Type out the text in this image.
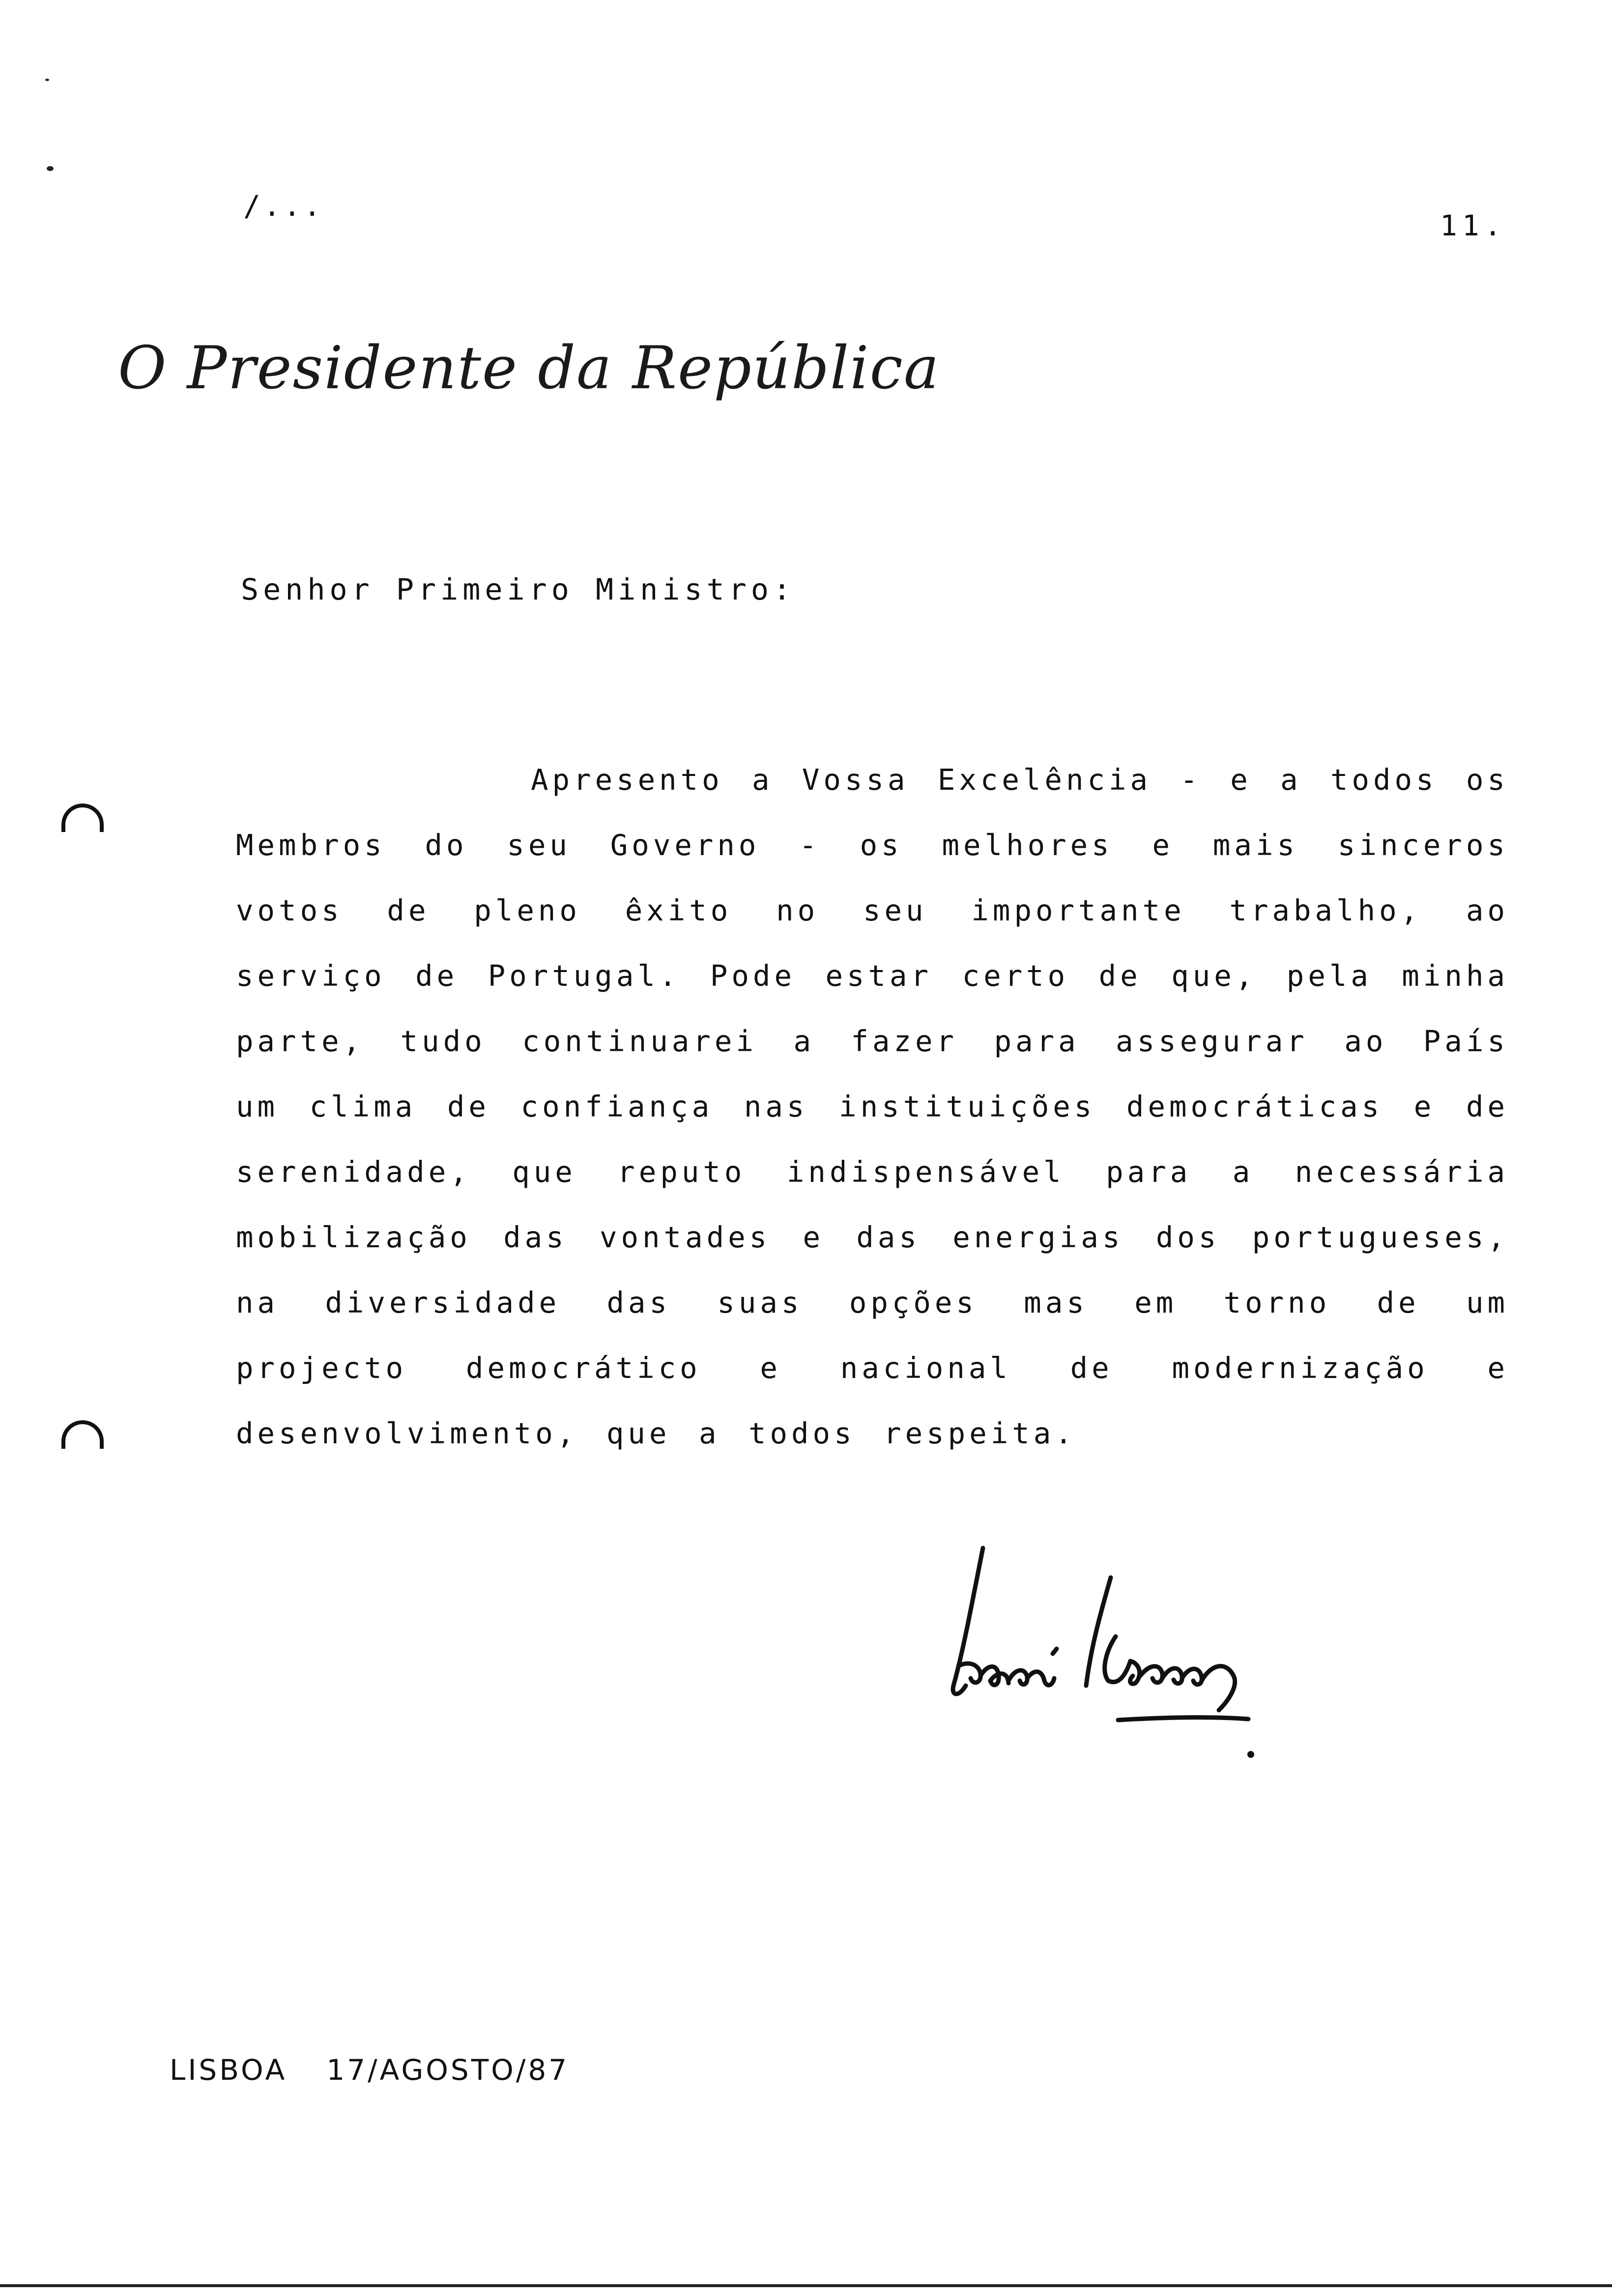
/...
11.
O Presidente da República
Senhor Primeiro Ministro:
Apresento a Vossa Excelência - e a todos os Membros do seu Governo - os melhores e mais sinceros votos de pleno êxito no seu importante trabalho, ao serviço de Portugal. Pode estar certo de que, pela minha parte, tudo continuarei a fazer para assegurar ao País um clima de confiança nas instituições democráticas e de serenidade, que reputo indispensável para a necessária mobilização das vontades e das energias dos portugueses, na diversidade das suas opções mas em torno de um projecto democrático e nacional de modernização e desenvolvimento, que a todos respeita.
LISBOA 17/AGOSTO/87
